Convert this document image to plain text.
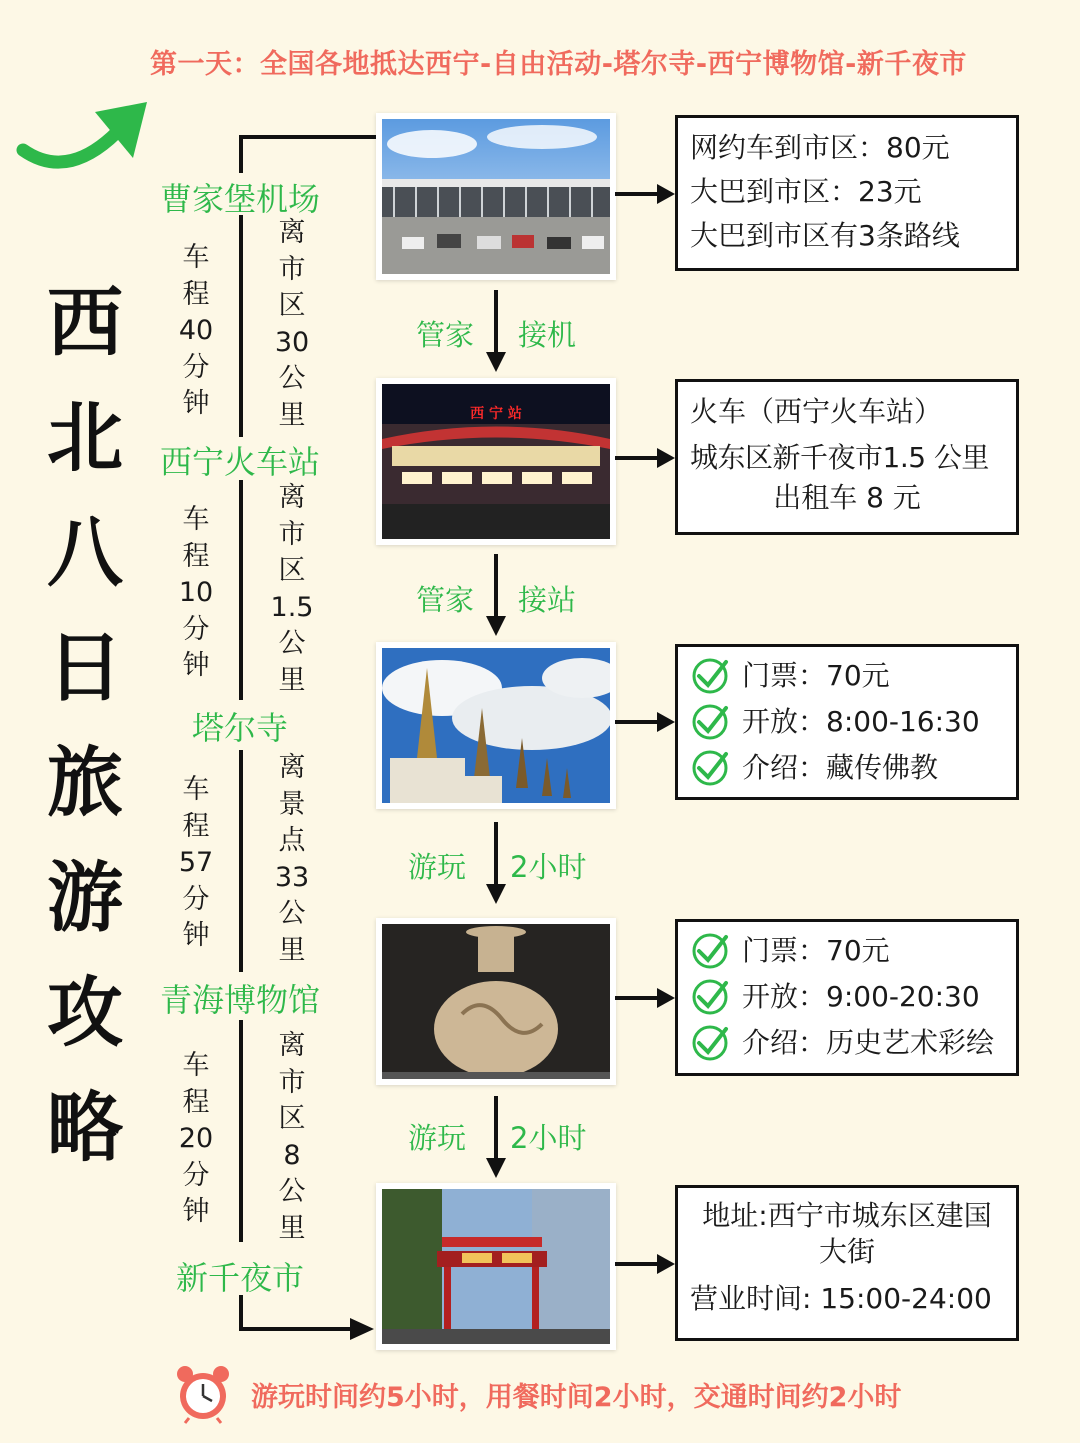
第一天：全国各地抵达西宁-自由活动-塔尔寺-西宁博物馆-新千夜市
西
北
八
日
旅
游
攻
略
曹家堡机场
西宁火车站
塔尔寺
青海博物馆
新千夜市
车
程
40
分
钟
离
市
区
30
公
里
车
程
10
分
钟
离
市
区
1.5
公
里
车
程
57
分
钟
离
景
点
33
公
里
车
程
20
分
钟
离
市
区
8
公
里
西 宁 站
网约车到市区：80元
大巴到市区：23元
大巴到市区有3条路线
火车（西宁火车站）
城东区新千夜市1.5 公里
出租车 8 元
门票：70元
开放：8:00-16:30
介绍：藏传佛教
门票：70元
开放：9:00-20:30
介绍：历史艺术彩绘
地址:西宁市城东区建国
大街
营业时间: 15:00-24:00
管家 接机
管家 接站
游玩 2小时
游玩 2小时
游玩时间约5小时，用餐时间2小时，交通时间约2小时
